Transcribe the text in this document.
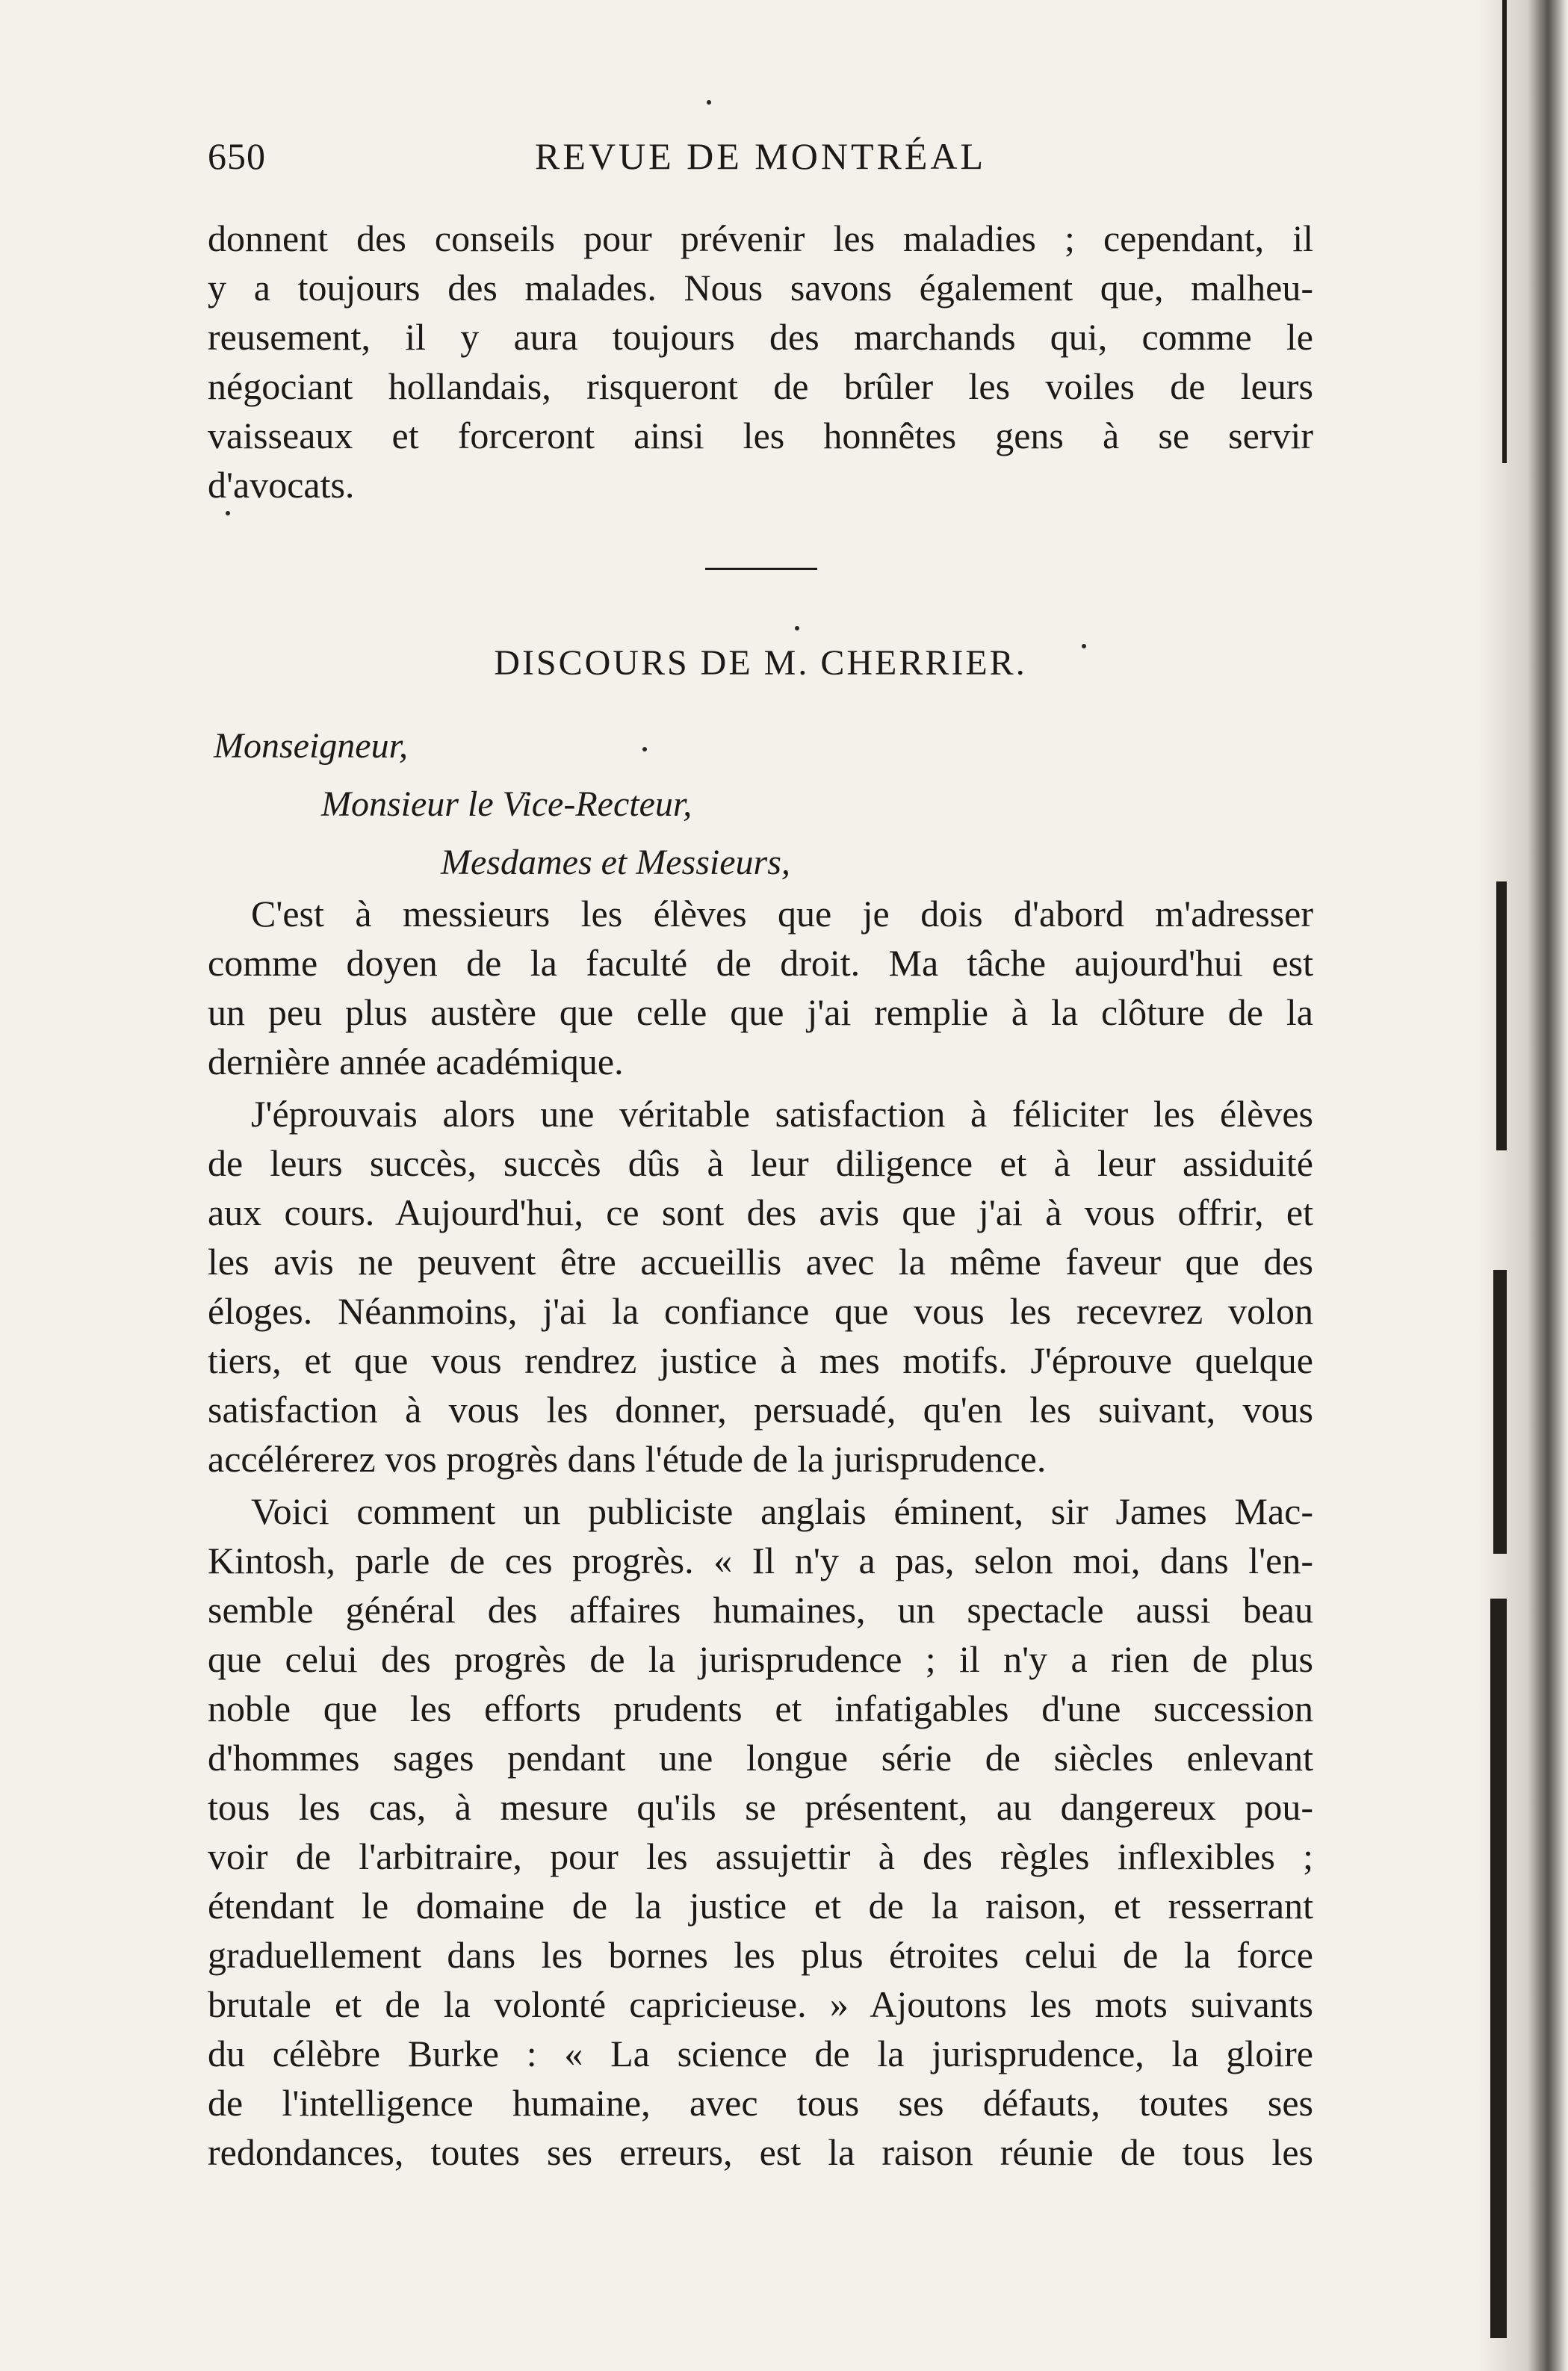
650	REVUE DE MONTRÉAL
donnent des conseils pour prévenir les maladies ; cependant, il
y a toujours des malades. Nous savons également que, malheu-
reusement, il y aura toujours des marchands qui, comme le
négociant hollandais, risqueront de brûler les voiles de leurs
vaisseaux et forceront ainsi les honnêtes gens à se servir
d'avocats.
DISCOURS DE M. CHERRIER.
Monseigneur,
Monsieur le Vice-Recteur,
Mesdames et Messieurs,
C'est à messieurs les élèves que je dois d'abord m'adresser
comme doyen de la faculté de droit. Ma tâche aujourd'hui est
un peu plus austère que celle que j'ai remplie à la clôture de la
dernière année académique.
J'éprouvais alors une véritable satisfaction à féliciter les élèves
de leurs succès, succès dûs à leur diligence et à leur assiduité
aux cours. Aujourd'hui, ce sont des avis que j'ai à vous offrir, et
les avis ne peuvent être accueillis avec la même faveur que des
éloges. Néanmoins, j'ai la confiance que vous les recevrez volon
tiers, et que vous rendrez justice à mes motifs. J'éprouve quelque
satisfaction à vous les donner, persuadé, qu'en les suivant, vous
accélérerez vos progrès dans l'étude de la jurisprudence.
Voici comment un publiciste anglais éminent, sir James Mac-
Kintosh, parle de ces progrès. « Il n'y a pas, selon moi, dans l'en-
semble général des affaires humaines, un spectacle aussi beau
que celui des progrès de la jurisprudence ; il n'y a rien de plus
noble que les efforts prudents et infatigables d'une succession
d'hommes sages pendant une longue série de siècles enlevant
tous les cas, à mesure qu'ils se présentent, au dangereux pou-
voir de l'arbitraire, pour les assujettir à des règles inflexibles ;
étendant le domaine de la justice et de la raison, et resserrant
graduellement dans les bornes les plus étroites celui de la force
brutale et de la volonté capricieuse. » Ajoutons les mots suivants
du célèbre Burke : « La science de la jurisprudence, la gloire
de l'intelligence humaine, avec tous ses défauts, toutes ses
redondances, toutes ses erreurs, est la raison réunie de tous les
